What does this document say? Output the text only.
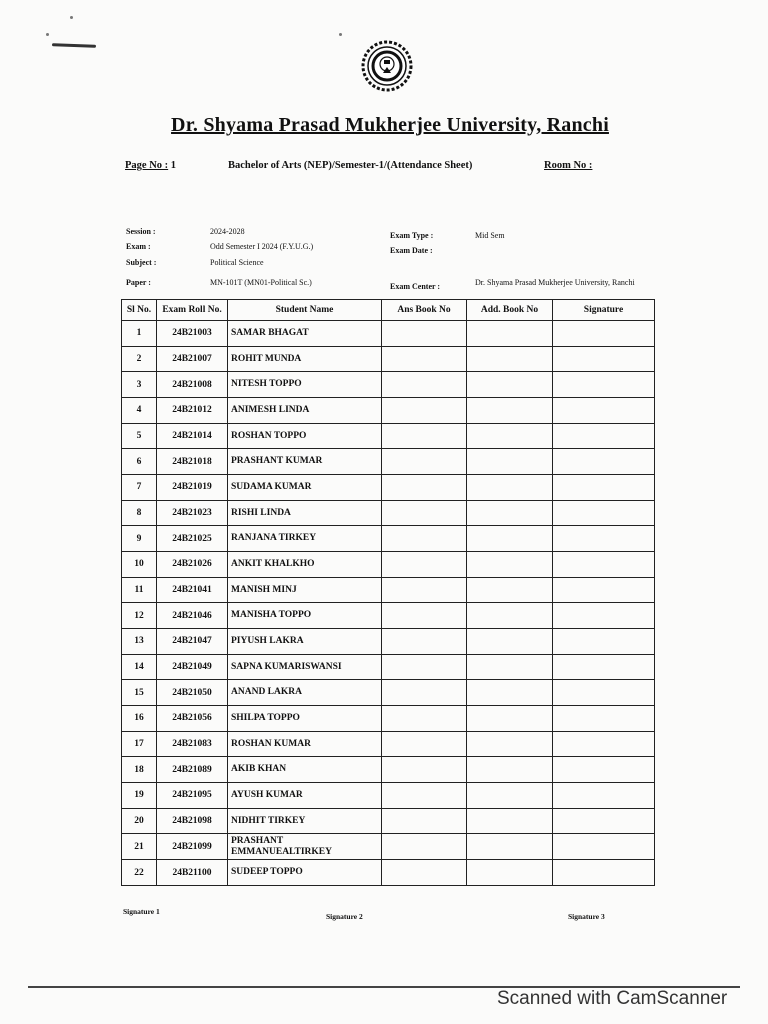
Dr. Shyama Prasad Mukherjee University, Ranchi
Page No : 1	Bachelor of Arts (NEP)/Semester-1/(Attendance Sheet)	Room No :
Session :	2024-2028
Exam :	Odd Semester I 2024 (F.Y.U.G.)
Subject :	Political Science
Paper :	MN-101T (MN01-Political Sc.)
Exam Type :	Mid Sem
Exam Date :
Exam Center :	Dr. Shyama Prasad Mukherjee University, Ranchi
Sl No.	Exam Roll No.	Student Name	Ans Book No	Add. Book No	Signature
1	24B21003	SAMAR BHAGAT			
2	24B21007	ROHIT MUNDA			
3	24B21008	NITESH TOPPO			
4	24B21012	ANIMESH LINDA			
5	24B21014	ROSHAN TOPPO			
6	24B21018	PRASHANT KUMAR			
7	24B21019	SUDAMA KUMAR			
8	24B21023	RISHI LINDA			
9	24B21025	RANJANA TIRKEY			
10	24B21026	ANKIT KHALKHO			
11	24B21041	MANISH MINJ			
12	24B21046	MANISHA TOPPO			
13	24B21047	PIYUSH LAKRA			
14	24B21049	SAPNA KUMARISWANSI			
15	24B21050	ANAND LAKRA			
16	24B21056	SHILPA TOPPO			
17	24B21083	ROSHAN KUMAR			
18	24B21089	AKIB KHAN			
19	24B21095	AYUSH KUMAR			
20	24B21098	NIDHIT TIRKEY			
21	24B21099	PRASHANT EMMANUEALTIRKEY			
22	24B21100	SUDEEP TOPPO			
Signature 1
Signature 2	Signature 3
Scanned with CamScanner
